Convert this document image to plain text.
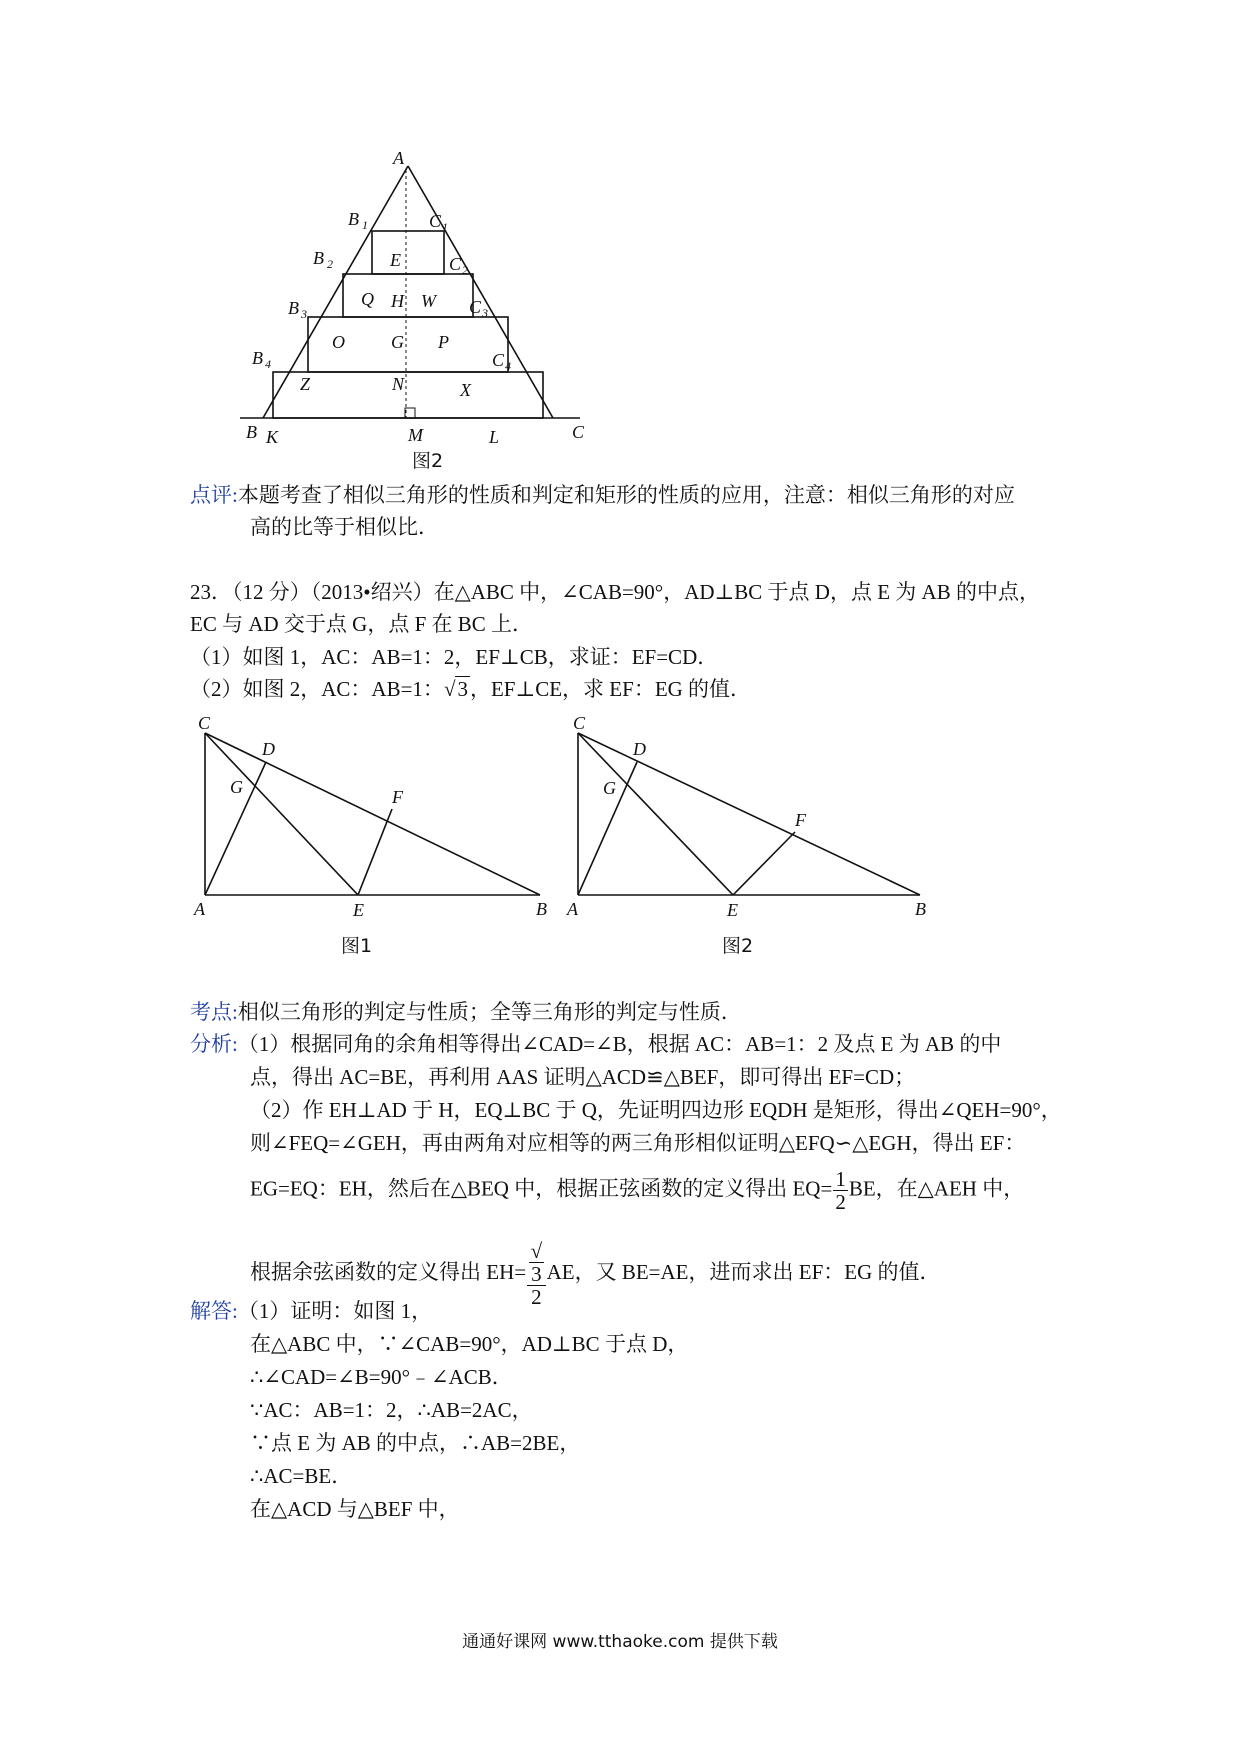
A
B 1	C 1
B 2	C 2
B 3	C 3
B 4	C 4
E
Q H W
O	G P
Z	N	X
B K	M	L	C
图2
点评:本题考查了相似三角形的性质和判定和矩形的性质的应用，注意：相似三角形的对应
高的比等于相似比．
23．（12 分）（2013•绍兴）在△ABC 中，∠CAB=90°，AD⊥BC 于点 D，点 E 为 AB 的中点，
EC 与 AD 交于点 G，点 F 在 BC 上．
（1）如图 1，AC：AB=1：2，EF⊥CB，求证：EF=CD．
（2）如图 2，AC：AB=1：√3，EF⊥CE，求 EF：EG 的值．
C
D
G	F
A	E	B
图1
C
D
G
F
A	E	B
图2
考点:相似三角形的判定与性质；全等三角形的判定与性质．
分析:（1）根据同角的余角相等得出∠CAD=∠B，根据 AC：AB=1：2 及点 E 为 AB 的中
点，得出 AC=BE，再利用 AAS 证明△ACD≌△BEF，即可得出 EF=CD；
（2）作 EH⊥AD 于 H，EQ⊥BC 于 Q，先证明四边形 EQDH 是矩形，得出∠QEH=90°，
则∠FEQ=∠GEH，再由两角对应相等的两三角形相似证明△EFQ∽△EGH，得出 EF：
EG=EQ：EH，然后在△BEQ 中，根据正弦函数的定义得出 $EQ= \frac{1}{2}$ BE，在△AEH 中，
根据余弦函数的定义得出 EH= √
3
2 AE，又 BE=AE，进而求出 EF：EG 的值．
解答:（1）证明：如图 1，
在△ABC 中，∵∠CAB=90°，AD⊥BC 于点 D，
∴∠CAD=∠B=90°﹣∠ACB．
∵AC：AB=1：2，∴AB=2AC，
∵点 E 为 AB 的中点，∴AB=2BE，
∴AC=BE．
在△ACD 与△BEF 中，
通通好课网 www.tthaoke.com 提供下载
